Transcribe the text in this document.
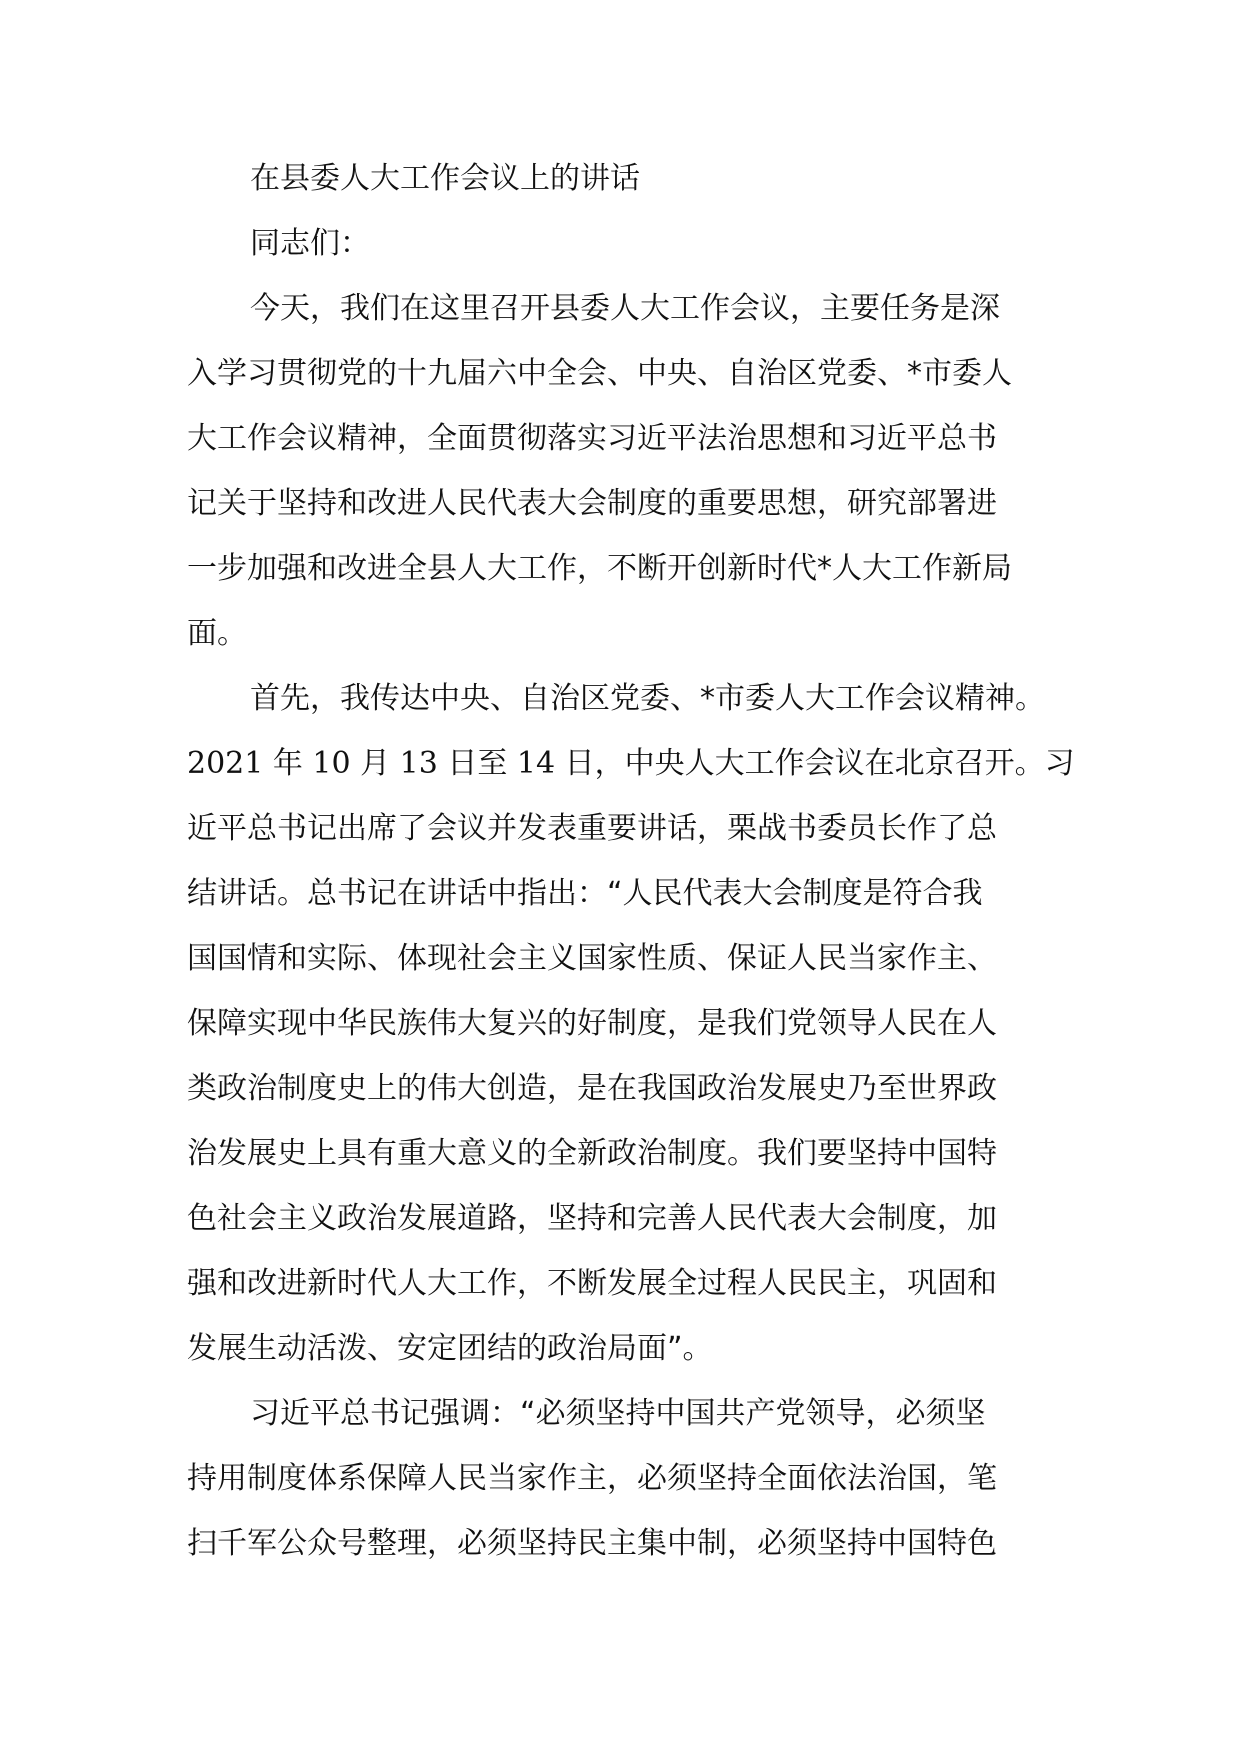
在县委人大工作会议上的讲话
同志们：
今天，我们在这里召开县委人大工作会议，主要任务是深
入学习贯彻党的十九届六中全会、中央、自治区党委、*市委人
大工作会议精神，全面贯彻落实习近平法治思想和习近平总书
记关于坚持和改进人民代表大会制度的重要思想，研究部署进
一步加强和改进全县人大工作，不断开创新时代*人大工作新局
面。
首先，我传达中央、自治区党委、*市委人大工作会议精神。
2021 年 10 月 13 日至 14 日，中央人大工作会议在北京召开。习
近平总书记出席了会议并发表重要讲话，栗战书委员长作了总
结讲话。总书记在讲话中指出：“人民代表大会制度是符合我
国国情和实际、体现社会主义国家性质、保证人民当家作主、
保障实现中华民族伟大复兴的好制度，是我们党领导人民在人
类政治制度史上的伟大创造，是在我国政治发展史乃至世界政
治发展史上具有重大意义的全新政治制度。我们要坚持中国特
色社会主义政治发展道路，坚持和完善人民代表大会制度，加
强和改进新时代人大工作，不断发展全过程人民民主，巩固和
发展生动活泼、安定团结的政治局面”。
习近平总书记强调：“必须坚持中国共产党领导，必须坚
持用制度体系保障人民当家作主，必须坚持全面依法治国，笔
扫千军公众号整理，必须坚持民主集中制，必须坚持中国特色
